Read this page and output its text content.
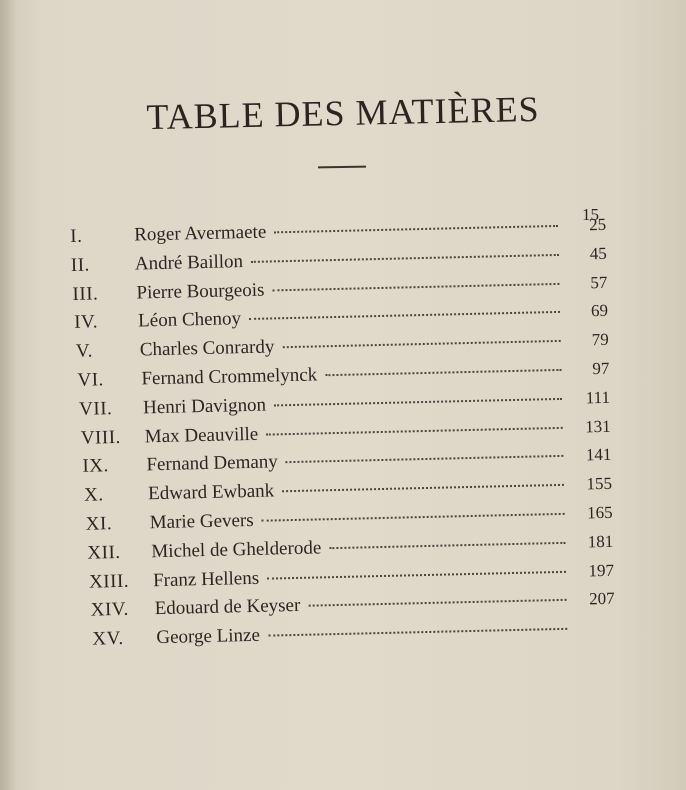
TABLE DES MATIÈRES
15
I.	Roger Avermaete	25
II.	André Baillon	45
III.	Pierre Bourgeois	57
IV.	Léon Chenoy	69
V.	Charles Conrardy	79
VI.	Fernand Crommelynck	97
VII.	Henri Davignon	111
VIII.	Max Deauville	131
IX.	Fernand Demany	141
X.	Edward Ewbank	155
XI.	Marie Gevers	165
XII.	Michel de Ghelderode	181
XIII.	Franz Hellens	197
XIV.	Edouard de Keyser	207
XV.	George Linze
